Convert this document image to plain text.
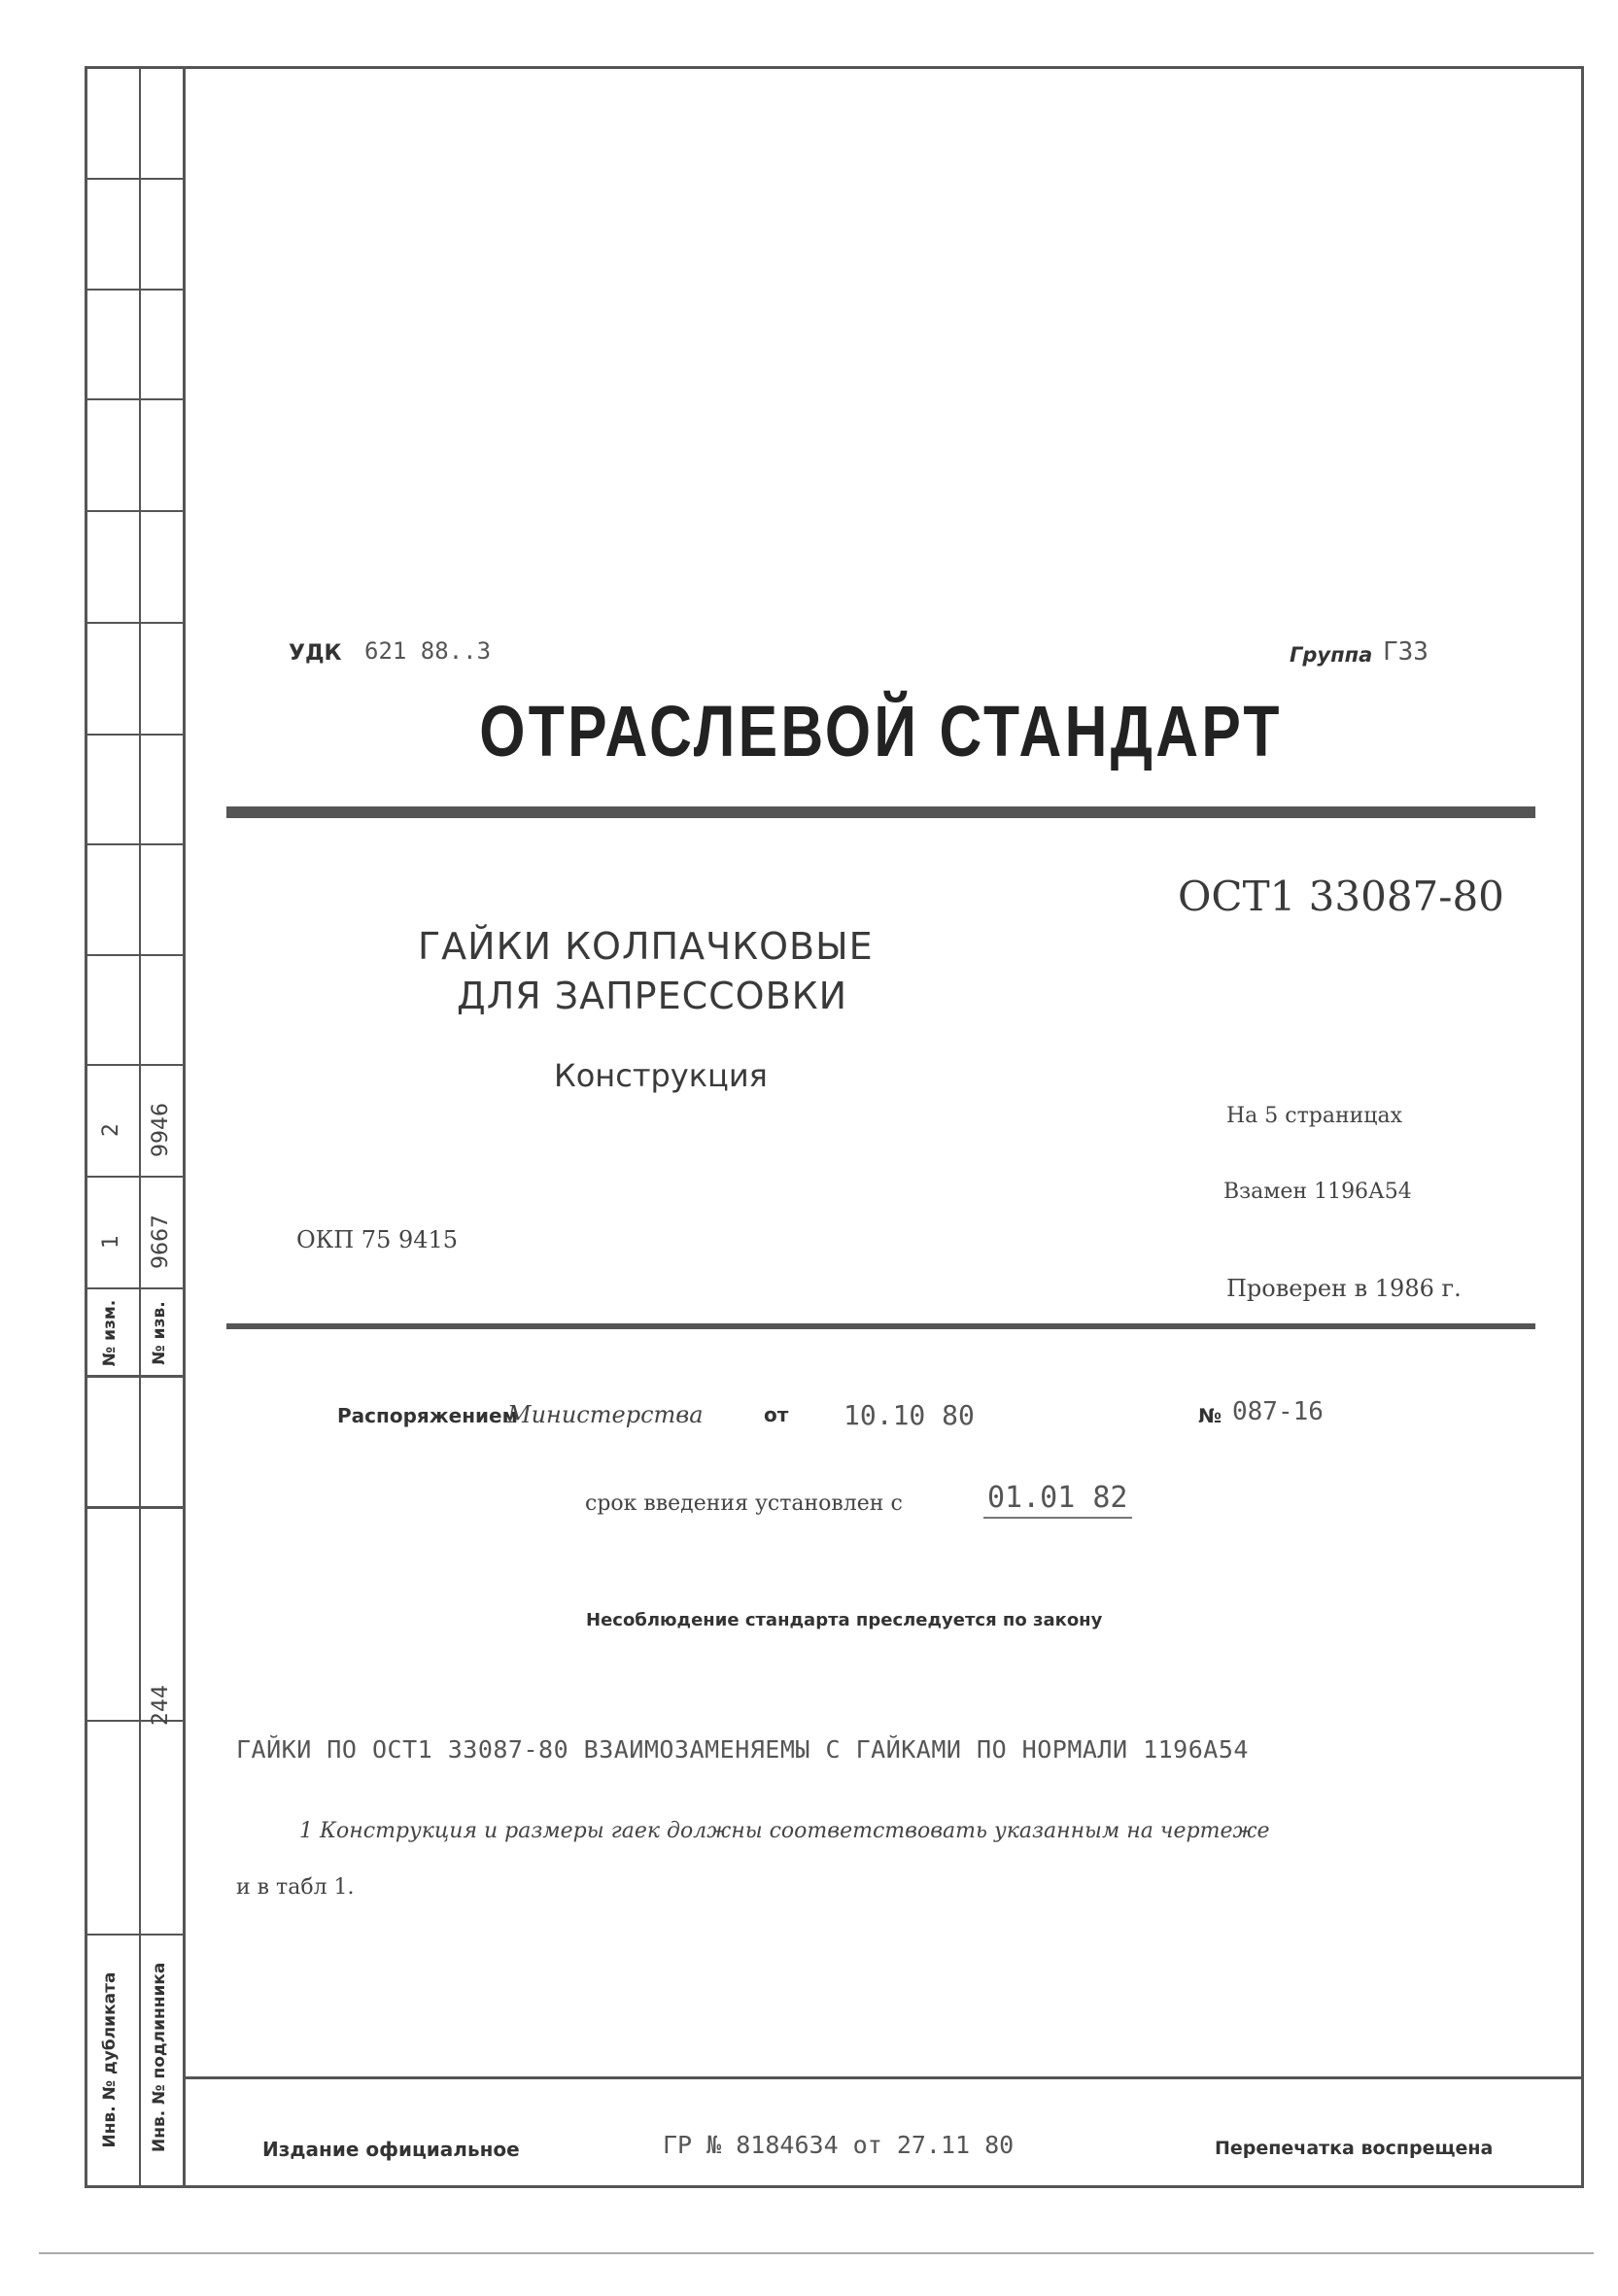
№ изм. № изв.
1 9667
2 9946
Инв. № дубликата Инв. № подлинника
244
УДК 621 88..3	Группа Г33
ОТРАСЛЕВОЙ СТАНДАРТ
ОСТ1 33087-80
ГАЙКИ КОЛПАЧКОВЫЕ
ДЛЯ ЗАПРЕССОВКИ
Конструкция
На 5 страницах
Взамен 1196А54
ОКП 75 9415
Проверен в 1986 г.
Распоряжением
Министерства	от 10.10 80	№ 087-16
срок введения установлен с	01.01 82
Несоблюдение стандарта преследуется по закону
ГАЙКИ ПО ОСТ1 33087-80 ВЗАИМОЗАМЕНЯЕМЫ С ГАЙКАМИ ПО НОРМАЛИ 1196А54
1 Конструкция и размеры гаек должны соответствовать указанным на чертеже
и в табл 1.
Издание официальное	ГР № 8184634 от 27.11 80	Перепечатка воспрещена
